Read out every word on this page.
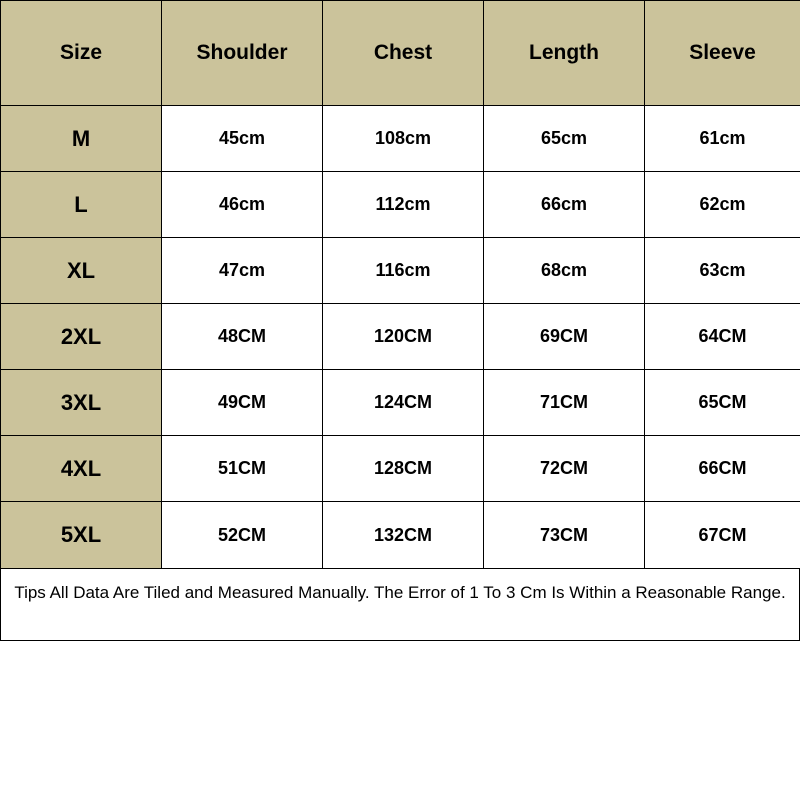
Size	Shoulder	Chest	Length	Sleeve
M	45cm	108cm	65cm	61cm
L	46cm	112cm	66cm	62cm
XL	47cm	116cm	68cm	63cm
2XL	48CM	120CM	69CM	64CM
3XL	49CM	124CM	71CM	65CM
4XL	51CM	128CM	72CM	66CM
5XL	52CM	132CM	73CM	67CM
Tips All Data Are Tiled and Measured Manually. The Error of 1 To 3 Cm Is Within a Reasonable Range.
